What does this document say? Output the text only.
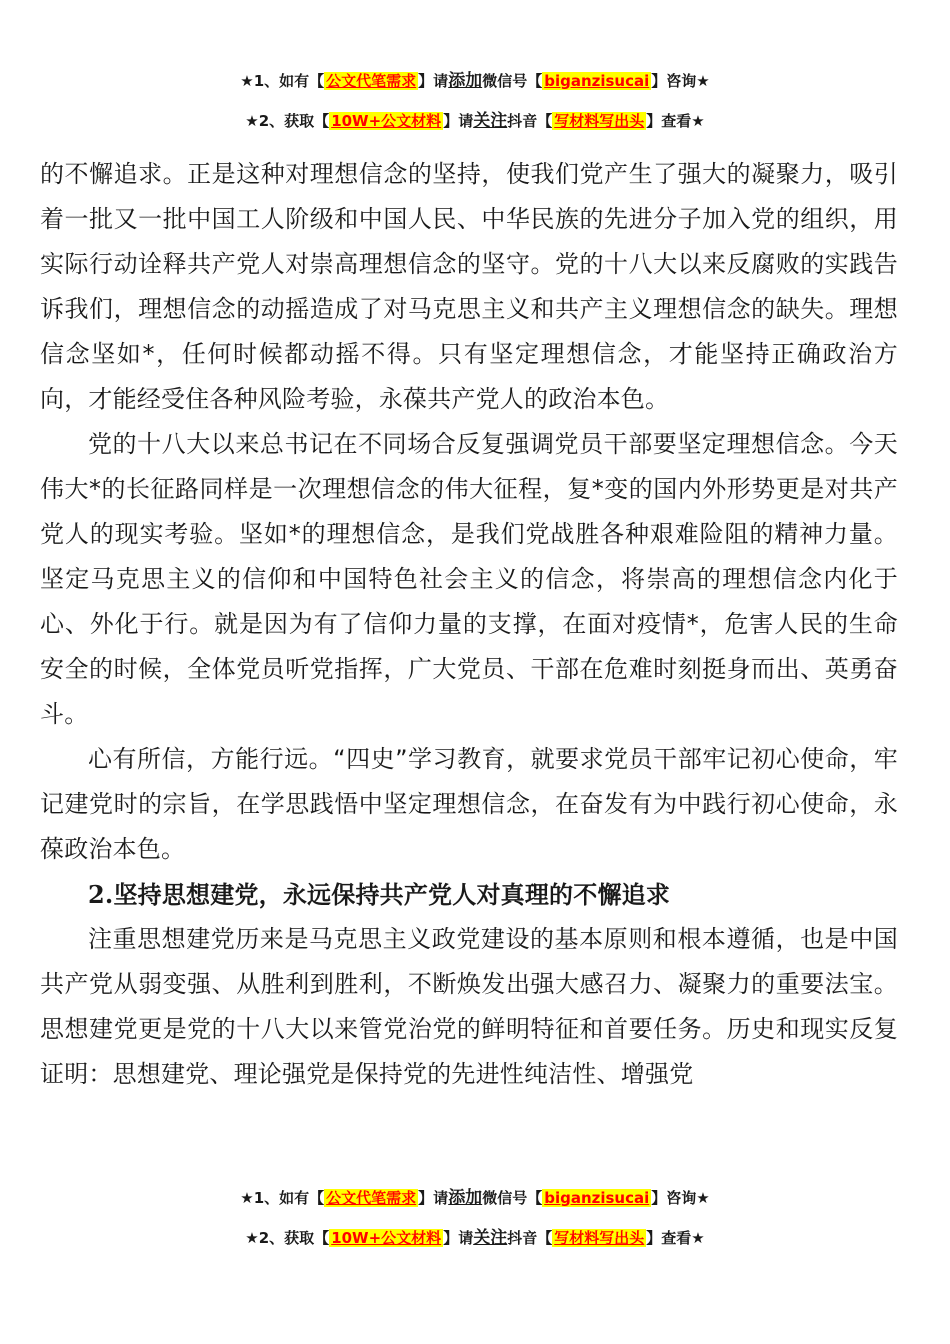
★1、如有【 公文代笔需求 】请添加微信号【 biganzisucai 】咨询★
★2、获取【 10W+公文材料 】请关注抖音【 写材料写出头 】查看★

的不懈追求。正是这种对理想信念的坚持，使我们党产生了强大的凝聚力，吸引着一批又一批中国工人阶级和中国人民、中华民族的先进分子加入党的组织，用实际行动诠释共产党人对崇高理想信念的坚守。党的十八大以来反腐败的实践告诉我们，理想信念的动摇造成了对马克思主义和共产主义理想信念的缺失。理想信念坚如*，任何时候都动摇不得。只有坚定理想信念，才能坚持正确政治方向，才能经受住各种风险考验，永葆共产党人的政治本色。

党的十八大以来总书记在不同场合反复强调党员干部要坚定理想信念。今天伟大*的长征路同样是一次理想信念的伟大征程，复*变的国内外形势更是对共产党人的现实考验。坚如*的理想信念，是我们党战胜各种艰难险阻的精神力量。坚定马克思主义的信仰和中国特色社会主义的信念，将崇高的理想信念内化于心、外化于行。就是因为有了信仰力量的支撑，在面对疫情*，危害人民的生命安全的时候，全体党员听党指挥，广大党员、干部在危难时刻挺身而出、英勇奋斗。

心有所信，方能行远。“四史”学习教育，就要求党员干部牢记初心使命，牢记建党时的宗旨，在学思践悟中坚定理想信念，在奋发有为中践行初心使命，永葆政治本色。

2.坚持思想建党，永远保持共产党人对真理的不懈追求

注重思想建党历来是马克思主义政党建设的基本原则和根本遵循，也是中国共产党从弱变强、从胜利到胜利，不断焕发出强大感召力、凝聚力的重要法宝。思想建党更是党的十八大以来管党治党的鲜明特征和首要任务。历史和现实反复证明：思想建党、理论强党是保持党的先进性纯洁性、增强党

★1、如有【 公文代笔需求 】请添加微信号【 biganzisucai 】咨询★
★2、获取【 10W+公文材料 】请关注抖音【 写材料写出头 】查看★
